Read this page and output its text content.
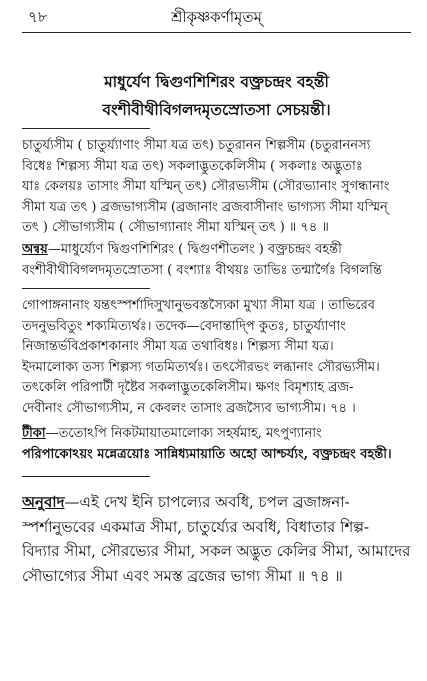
৭৮	শ্রীকৃষ্ণকর্ণামৃতম্
মাধুর্যেণ দ্বিগুণশিশিরং বক্ত্রচন্দ্রং বহন্তী
বংশীবীথীবিগলদমৃতস্রোতসা সেচয়ন্তী।

চাতুর্য্যসীম ( চাতুর্য্যাণাং সীমা যত্র তৎ) চতুরানন শিল্পসীম (চতুরাননস্য

বিধেঃ শিল্পস্য সীমা যত্র তৎ) সকলাদ্ভুতকেলিসীম ( সকলাঃ অদ্ভুতাঃ

যাঃ কেলয়ঃ তাসাং সীমা যস্মিন্ তৎ) সৌরভ্যসীম (সৌরভ্যানাং সুগন্ধানাং

সীমা যত্র তৎ ) ব্রজভাগ্যসীম (ব্রজানাং ব্রজবাসীনাং ভাগ্যস্য সীমা যস্মিন্

তৎ ) সৌভাগ্যসীম ( সৌভাগ্যানাং সীমা যস্মিন্ তৎ ) ॥ ৭৪ ॥

অন্বয়—মাধুর্য্যেণ দ্বিগুণশিশিরং ( দ্বিগুণশীতলং ) বক্ত্রচন্দ্রং বহন্তী

বংশীবীথীবিগলদমৃতস্রোতসা ( বংশ্যাঃ বীথয়ঃ তাভিঃ তন্মার্গৈঃ বিগলন্তি

গোপাঙ্গনানাং যন্তৎস্পর্শাদিসুখানুভবস্তস্যৈকা মুখ্যা সীমা যত্র । তাভিরেব

তদনুভবিতুং শক্যমিত্যর্থঃ। তদেক—বেদান্তাদ্পি কুতঃ, চাতুর্য্যাণাং

নিজান্তর্ভবিপ্রকাশকানাং সীমা যত্র তথাবিধঃ। শিল্পস্য সীমা যত্র।

ইদমালোক্য তস্য শিল্পস্য গতমিত্যর্থঃ। তৎসৌরভং লব্ধানাং সৌরভ্যসীম।

তৎকেলি পরিপাটী দৃষ্টৈব সকলাদ্ভুতকেলিসীম। ক্ষণং বিমৃশ্যাহ ব্রজ-

দেবীনাং সৌভাগ্যসীম, ন কেবলং তাসাং ব্রজস্যৈব ভাগ্যসীম। ৭৪ ।

টীকা—ততোঽপি নিকটমায়াতমালোক্য সহর্ষমাহ, মৎপুণ্যানাং

পরিপাকোঽয়ং মন্নেত্রয়োঃ সান্নিধ্যমায়াতি অহো আশ্চর্য্যং, বক্ত্রচন্দ্রং বহন্তী।

অনুবাদ—এই দেখ ইনি চাপল্যের অবধি, চপল ব্রজাঙ্গনা-

স্পর্শানুভবের একমাত্র সীমা, চাতুর্য্যের অবধি, বিধাতার শিল্প-

বিদ্যার সীমা, সৌরভ্যের সীমা, সকল অদ্ভুত কেলির সীমা, আমাদের

সৌভাগ্যের সীমা এবং সমস্ত ব্রজের ভাগ্য সীমা ॥ ৭৪ ॥
